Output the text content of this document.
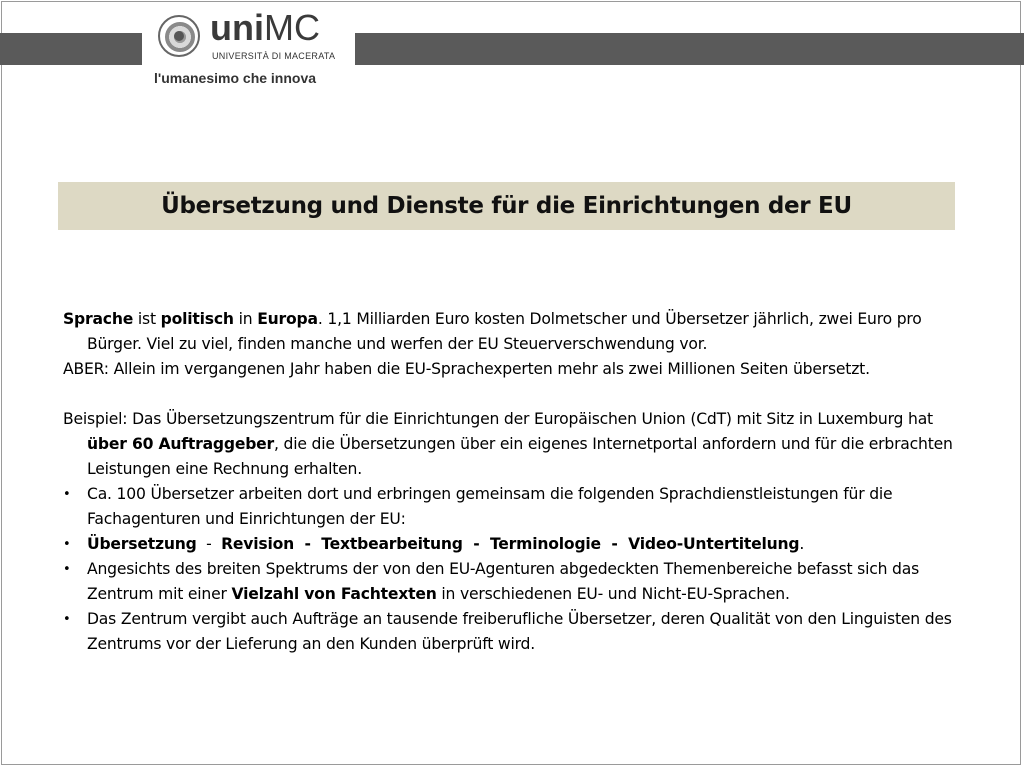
uniMC
UNIVERSITÀ DI MACERATA
l'umanesimo che innova
Übersetzung und Dienste für die Einrichtungen der EU
Sprache ist politisch in Europa. 1,1 Milliarden Euro kosten Dolmetscher und Übersetzer jährlich, zwei Euro pro Bürger. Viel zu viel, finden manche und werfen der EU Steuerverschwendung vor.
ABER: Allein im vergangenen Jahr haben die EU-Sprachexperten mehr als zwei Millionen Seiten übersetzt.
Beispiel: Das Übersetzungszentrum für die Einrichtungen der Europäischen Union (CdT) mit Sitz in Luxemburg hat über 60 Auftraggeber, die die Übersetzungen über ein eigenes Internetportal anfordern und für die erbrachten Leistungen eine Rechnung erhalten.
• Ca. 100 Übersetzer arbeiten dort und erbringen gemeinsam die folgenden Sprachdienstleistungen für die Fachagenturen und Einrichtungen der EU:
• Übersetzung  -  Revision  -  Textbearbeitung  -  Terminologie  -  Video-Untertitelung.
• Angesichts des breiten Spektrums der von den EU-Agenturen abgedeckten Themenbereiche befasst sich das Zentrum mit einer Vielzahl von Fachtexten in verschiedenen EU- und Nicht-EU-Sprachen.
• Das Zentrum vergibt auch Aufträge an tausende freiberufliche Übersetzer, deren Qualität von den Linguisten des Zentrums vor der Lieferung an den Kunden überprüft wird.
